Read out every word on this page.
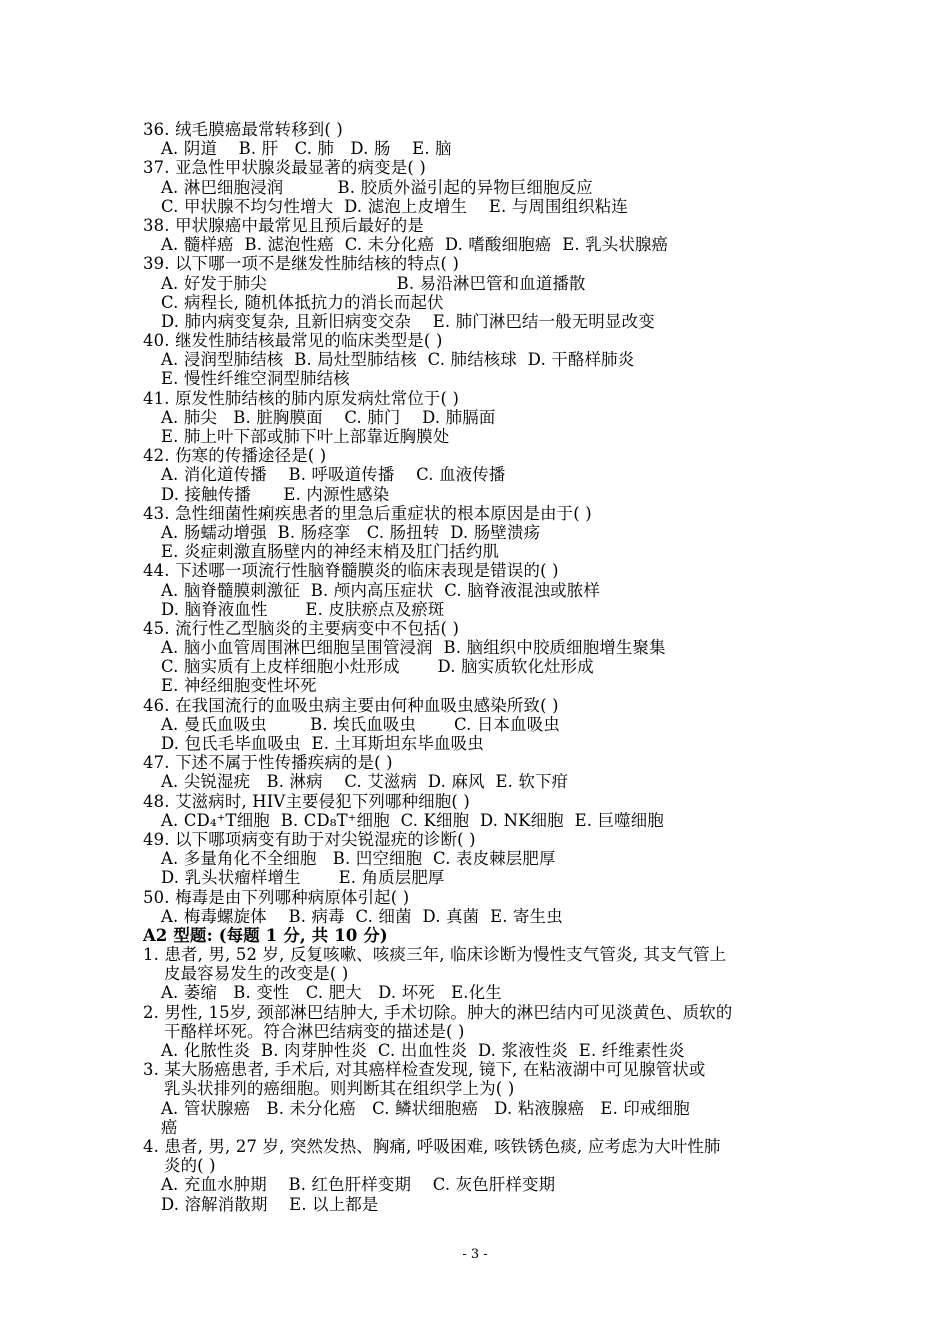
36. 绒毛膜癌最常转移到( )
A. 阴道    B. 肝   C. 肺   D. 肠    E. 脑
37. 亚急性甲状腺炎最显著的病变是( )
A. 淋巴细胞浸润          B. 胶质外溢引起的异物巨细胞反应
C. 甲状腺不均匀性增大  D. 滤泡上皮增生    E. 与周围组织粘连
38. 甲状腺癌中最常见且预后最好的是
A. 髓样癌  B. 滤泡性癌  C. 未分化癌  D. 嗜酸细胞癌  E. 乳头状腺癌
39. 以下哪一项不是继发性肺结核的特点( )
A. 好发于肺尖                        B. 易沿淋巴管和血道播散
C. 病程长, 随机体抵抗力的消长而起伏
D. 肺内病变复杂, 且新旧病变交杂    E. 肺门淋巴结一般无明显改变
40. 继发性肺结核最常见的临床类型是( )
A. 浸润型肺结核  B. 局灶型肺结核  C. 肺结核球  D. 干酪样肺炎
E. 慢性纤维空洞型肺结核
41. 原发性肺结核的肺内原发病灶常位于( )
A. 肺尖   B. 脏胸膜面    C. 肺门    D. 肺膈面
E. 肺上叶下部或肺下叶上部靠近胸膜处
42. 伤寒的传播途径是( )
A. 消化道传播    B. 呼吸道传播    C. 血液传播
D. 接触传播      E. 内源性感染
43. 急性细菌性痢疾患者的里急后重症状的根本原因是由于( )
A. 肠蠕动增强  B. 肠痉挛   C. 肠扭转  D. 肠壁溃疡
E. 炎症刺激直肠壁内的神经末梢及肛门括约肌
44. 下述哪一项流行性脑脊髓膜炎的临床表现是错误的( )
A. 脑脊髓膜刺激征  B. 颅内高压症状  C. 脑脊液混浊或脓样
D. 脑脊液血性       E. 皮肤瘀点及瘀斑
45. 流行性乙型脑炎的主要病变中不包括( )
A. 脑小血管周围淋巴细胞呈围管浸润  B. 脑组织中胶质细胞增生聚集
C. 脑实质有上皮样细胞小灶形成       D. 脑实质软化灶形成
E. 神经细胞变性坏死
46. 在我国流行的血吸虫病主要由何种血吸虫感染所致( )
A. 曼氏血吸虫        B. 埃氏血吸虫       C. 日本血吸虫
D. 包氏毛毕血吸虫  E. 土耳斯坦东毕血吸虫
47. 下述不属于性传播疾病的是( )
A. 尖锐湿疣   B. 淋病    C. 艾滋病  D. 麻风  E. 软下疳
48. 艾滋病时, HIV主要侵犯下列哪种细胞( )
A. CD₄⁺T细胞  B. CD₈T⁺细胞  C. K细胞  D. NK细胞  E. 巨噬细胞
49. 以下哪项病变有助于对尖锐湿疣的诊断( )
A. 多量角化不全细胞   B. 凹空细胞  C. 表皮棘层肥厚
D. 乳头状瘤样增生       E. 角质层肥厚
50. 梅毒是由下列哪种病原体引起( )
A. 梅毒螺旋体    B. 病毒  C. 细菌  D. 真菌  E. 寄生虫
A2 型题: (每题 1 分, 共 10 分)
1. 患者, 男, 52 岁, 反复咳嗽、咳痰三年, 临床诊断为慢性支气管炎, 其支气管上
皮最容易发生的改变是( )
A. 萎缩   B. 变性   C. 肥大   D. 坏死   E.化生
2. 男性, 15岁, 颈部淋巴结肿大, 手术切除。肿大的淋巴结内可见淡黄色、质软的
干酪样坏死。符合淋巴结病变的描述是( )
A. 化脓性炎  B. 肉芽肿性炎  C. 出血性炎  D. 浆液性炎  E. 纤维素性炎
3. 某大肠癌患者, 手术后, 对其癌样检查发现, 镜下, 在粘液湖中可见腺管状或
乳头状排列的癌细胞。则判断其在组织学上为( )
A. 管状腺癌   B. 未分化癌   C. 鳞状细胞癌   D. 粘液腺癌   E. 印戒细胞
癌
4. 患者, 男, 27 岁, 突然发热、胸痛, 呼吸困难, 咳铁锈色痰, 应考虑为大叶性肺
炎的( )
A. 充血水肿期    B. 红色肝样变期    C. 灰色肝样变期
D. 溶解消散期    E. 以上都是
- 3 -
